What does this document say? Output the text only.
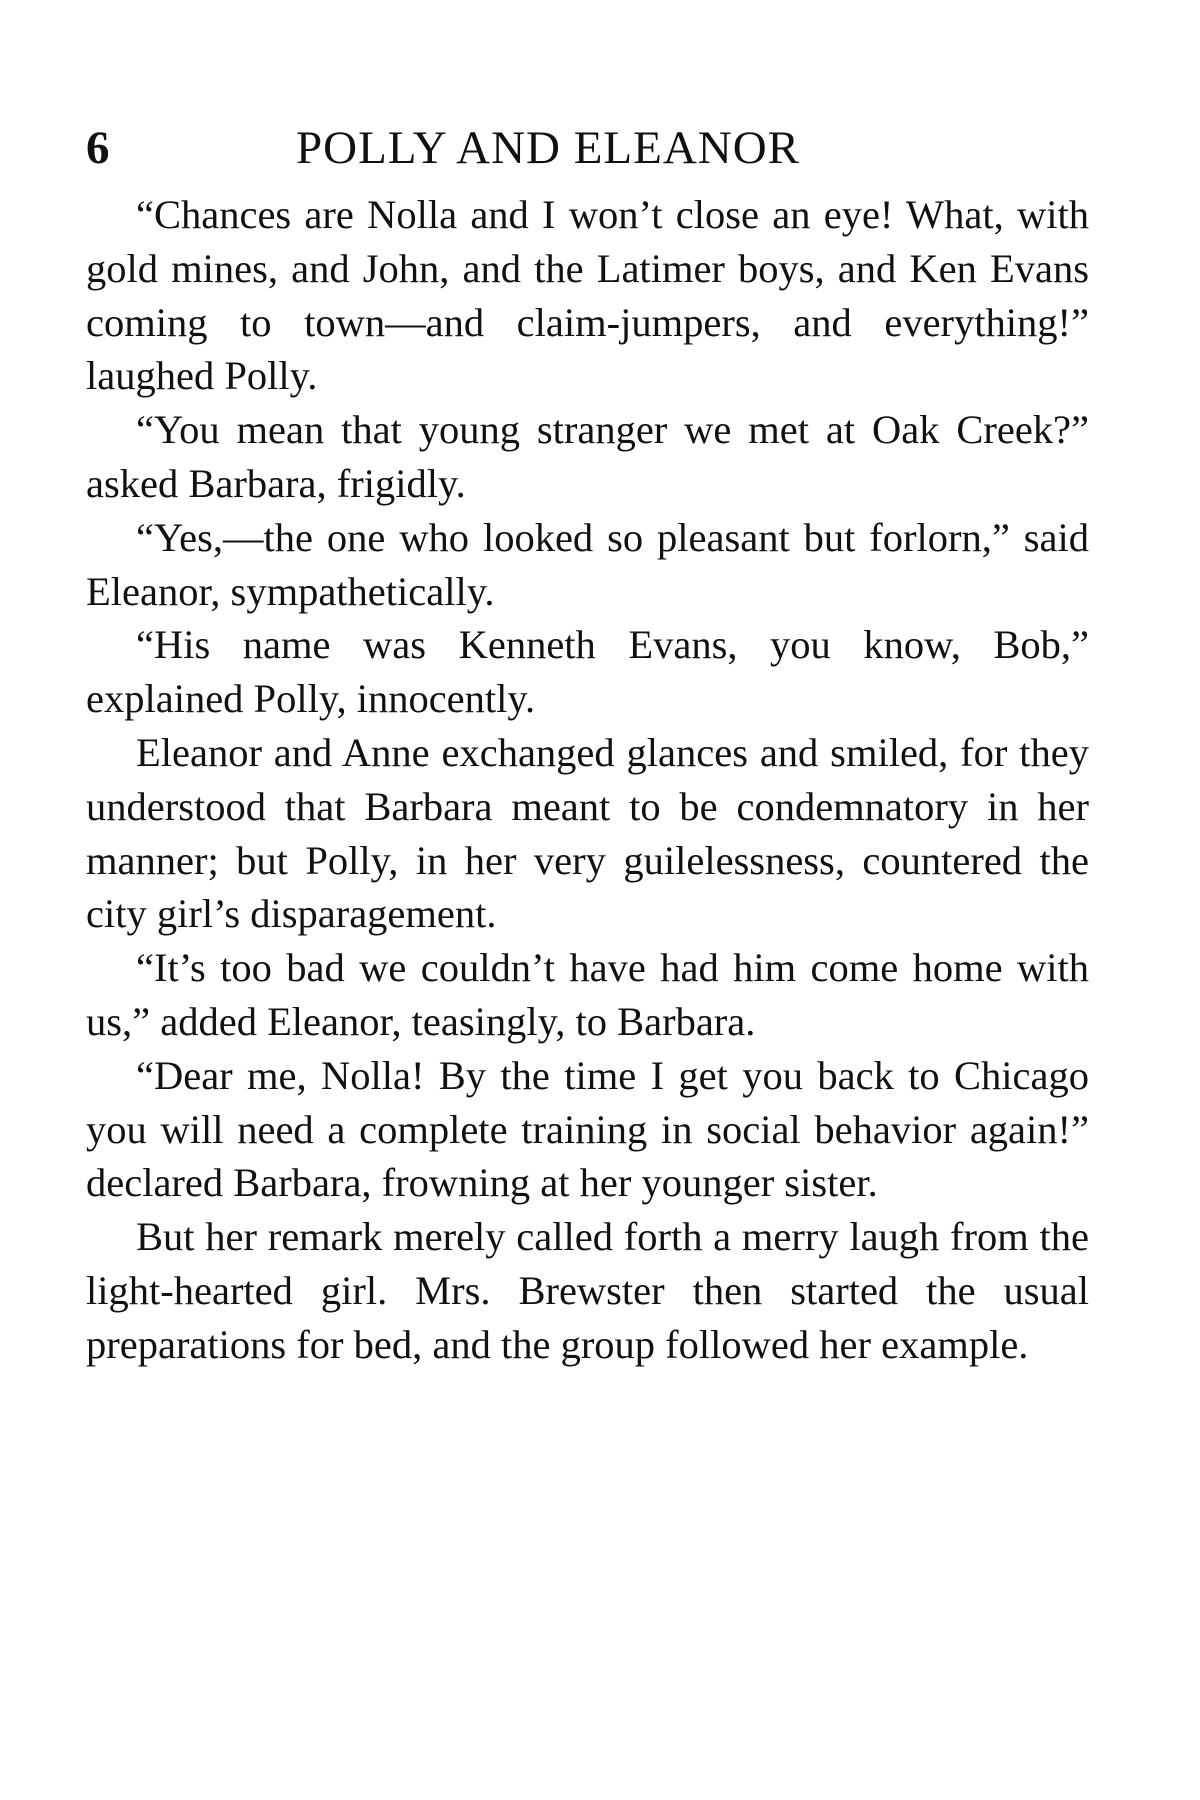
6	POLLY AND ELEANOR

“Chances are Nolla and I won’t close an eye! What, with gold mines, and John, and the Latimer boys, and Ken Evans coming to town—and claim-jumpers, and everything!” laughed Polly.

“You mean that young stranger we met at Oak Creek?” asked Barbara, frigidly.

“Yes,—the one who looked so pleasant but forlorn,” said Eleanor, sympathetically.

“His name was Kenneth Evans, you know, Bob,” explained Polly, innocently.

Eleanor and Anne exchanged glances and smiled, for they understood that Barbara meant to be condemnatory in her manner; but Polly, in her very guilelessness, countered the city girl’s disparagement.

“It’s too bad we couldn’t have had him come home with us,” added Eleanor, teasingly, to Barbara.

“Dear me, Nolla! By the time I get you back to Chicago you will need a complete training in social behavior again!” declared Barbara, frowning at her younger sister.

But her remark merely called forth a merry laugh from the light-hearted girl. Mrs. Brewster then started the usual preparations for bed, and the group followed her example.
